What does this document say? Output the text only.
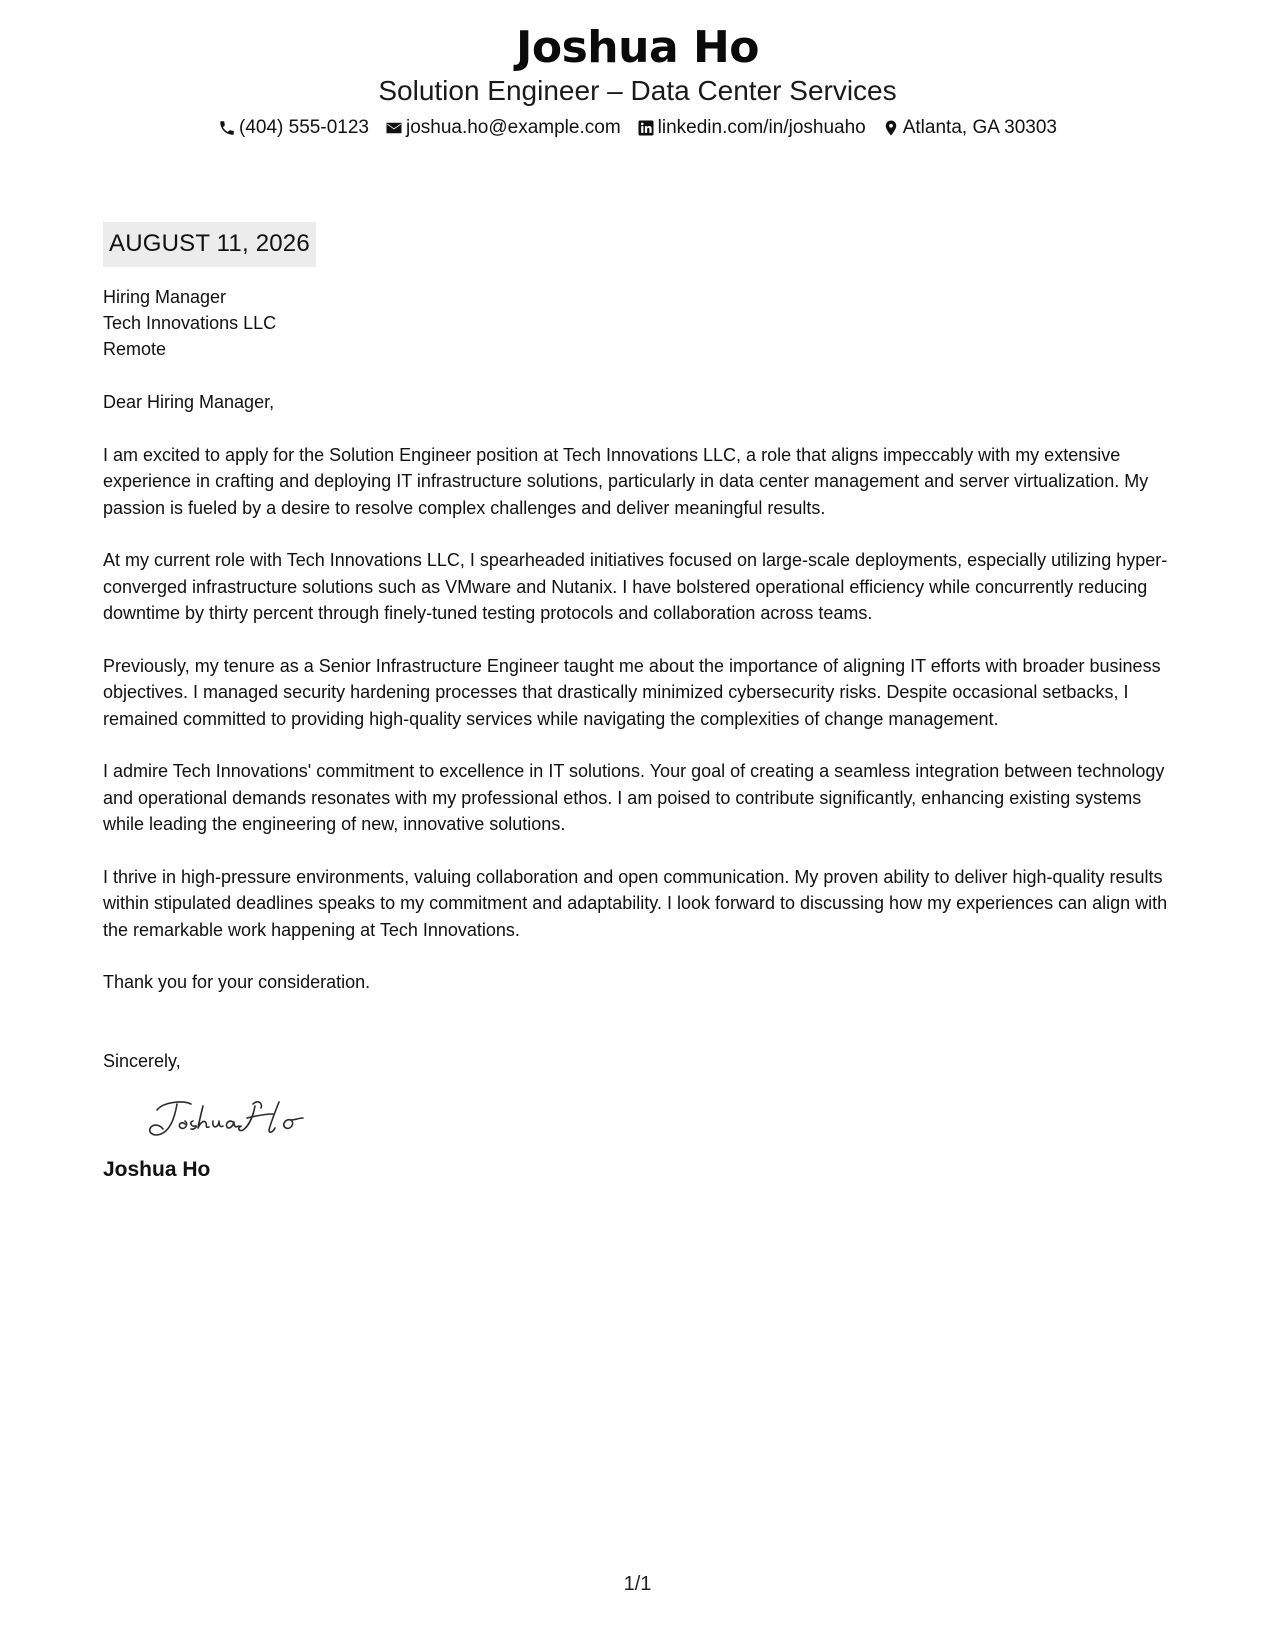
Joshua Ho
Solution Engineer – Data Center Services
(404) 555-0123 joshua.ho@example.com linkedin.com/in/joshuaho Atlanta, GA 30303
AUGUST 11, 2026
Hiring Manager
Tech Innovations LLC
Remote
Dear Hiring Manager,

I am excited to apply for the Solution Engineer position at Tech Innovations LLC, a role that aligns impeccably with my extensive experience in crafting and deploying IT infrastructure solutions, particularly in data center management and server virtualization. My passion is fueled by a desire to resolve complex challenges and deliver meaningful results.

At my current role with Tech Innovations LLC, I spearheaded initiatives focused on large-scale deployments, especially utilizing hyper-converged infrastructure solutions such as VMware and Nutanix. I have bolstered operational efficiency while concurrently reducing downtime by thirty percent through finely-tuned testing protocols and collaboration across teams.

Previously, my tenure as a Senior Infrastructure Engineer taught me about the importance of aligning IT efforts with broader business objectives. I managed security hardening processes that drastically minimized cybersecurity risks. Despite occasional setbacks, I remained committed to providing high-quality services while navigating the complexities of change management.

I admire Tech Innovations' commitment to excellence in IT solutions. Your goal of creating a seamless integration between technology and operational demands resonates with my professional ethos. I am poised to contribute significantly, enhancing existing systems while leading the engineering of new, innovative solutions.

I thrive in high-pressure environments, valuing collaboration and open communication. My proven ability to deliver high-quality results within stipulated deadlines speaks to my commitment and adaptability. I look forward to discussing how my experiences can align with the remarkable work happening at Tech Innovations.

Thank you for your consideration.
Sincerely,
Joshua Ho
1/1
